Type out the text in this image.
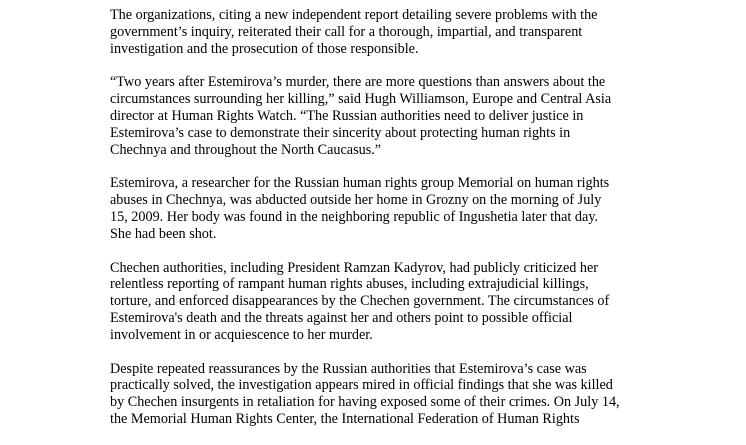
The organizations, citing a new independent report detailing severe problems with the
government’s inquiry, reiterated their call for a thorough, impartial, and transparent
investigation and the prosecution of those responsible.

“Two years after Estemirova’s murder, there are more questions than answers about the
circumstances surrounding her killing,” said Hugh Williamson, Europe and Central Asia
director at Human Rights Watch. “The Russian authorities need to deliver justice in
Estemirova’s case to demonstrate their sincerity about protecting human rights in
Chechnya and throughout the North Caucasus.”

Estemirova, a researcher for the Russian human rights group Memorial on human rights
abuses in Chechnya, was abducted outside her home in Grozny on the morning of July
15, 2009. Her body was found in the neighboring republic of Ingushetia later that day.
She had been shot.

Chechen authorities, including President Ramzan Kadyrov, had publicly criticized her
relentless reporting of rampant human rights abuses, including extrajudicial killings,
torture, and enforced disappearances by the Chechen government. The circumstances of
Estemirova's death and the threats against her and others point to possible official
involvement in or acquiescence to her murder.

Despite repeated reassurances by the Russian authorities that Estemirova’s case was
practically solved, the investigation appears mired in official findings that she was killed
by Chechen insurgents in retaliation for having exposed some of their crimes. On July 14,
the Memorial Human Rights Center, the International Federation of Human Rights
